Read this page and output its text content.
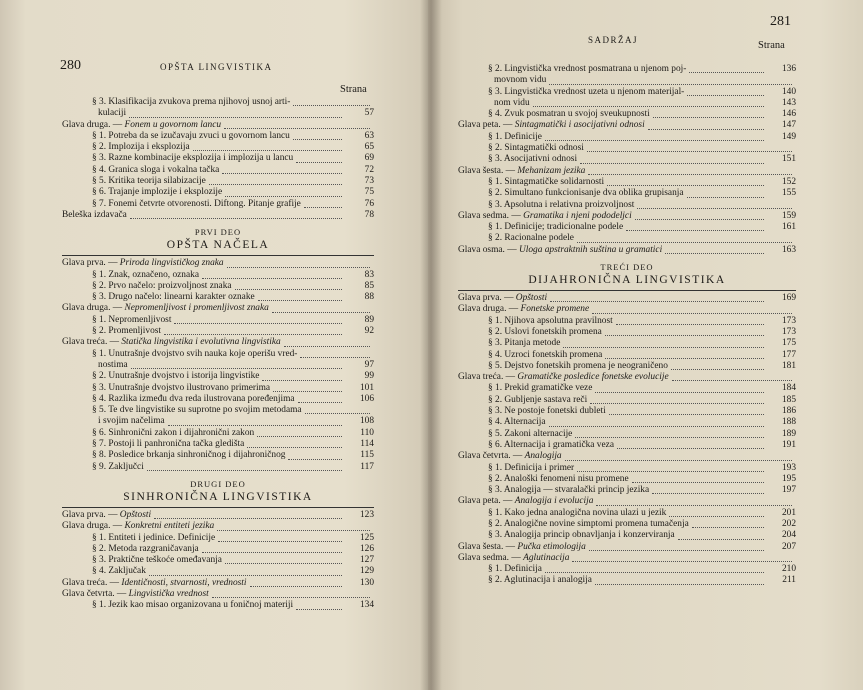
280	OPŠTA LINGVISTIKA
Strana
§ 3. Klasifikacija zvukova prema njihovoj usnoj arti-
kulaciji	57
Glava druga. — Fonem u govornom lancu
§ 1. Potreba da se izučavaju zvuci u govornom lancu	63
§ 2. Implozija i eksplozija	65
§ 3. Razne kombinacije eksplozija i implozija u lancu	69
§ 4. Granica sloga i vokalna tačka	72
§ 5. Kritika teorija silabizacije	73
§ 6. Trajanje implozije i eksplozije	75
§ 7. Fonemi četvrte otvorenosti. Diftong. Pitanje grafije	76
Beleška izdavača	78
PRVI DEO
OPŠTA NAČELA
Glava prva. — Priroda lingvističkog znaka
§ 1. Znak, označeno, oznaka	83
§ 2. Prvo načelo: proizvoljnost znaka	85
§ 3. Drugo načelo: linearni karakter oznake	88
Glava druga. — Nepromenljivost i promenljivost znaka
§ 1. Nepromenljivost	89
§ 2. Promenljivost	92
Glava treća. — Statička lingvistika i evolutivna lingvistika
§ 1. Unutrašnje dvojstvo svih nauka koje operišu vred-
nostima	97
§ 2. Unutrašnje dvojstvo i istorija lingvistike	99
§ 3. Unutrašnje dvojstvo ilustrovano primerima	101
§ 4. Razlika između dva reda ilustrovana poređenjima	106
§ 5. Te dve lingvistike su suprotne po svojim metodama
i svojim načelima	108
§ 6. Sinhronični zakon i dijahronični zakon	110
§ 7. Postoji li panhronična tačka gledišta	114
§ 8. Posledice brkanja sinhroničnog i dijahroničnog	115
§ 9. Zaključci	117
DRUGI DEO
SINHRONIČNA LINGVISTIKA
Glava prva. — Opštosti	123
Glava druga. — Konkretni entiteti jezika
§ 1. Entiteti i jedinice. Definicije	125
§ 2. Metoda razgraničavanja	126
§ 3. Praktične teškoće omeđavanja	127
§ 4. Zaključak	129
Glava treća. — Identičnosti, stvarnosti, vrednosti	130
Glava četvrta. — Lingvistička vrednost
§ 1. Jezik kao misao organizovana u foničnoj materiji	134
281
SADRŽAJ	Strana
§ 2. Lingvistička vrednost posmatrana u njenom poj-	136
movnom vidu
§ 3. Lingvistička vrednost uzeta u njenom materijal-	140
nom vidu	143
§ 4. Zvuk posmatran u svojoj sveukupnosti	146
Glava peta. — Sintagmatički i asocijativni odnosi	147
§ 1. Definicije	149
§ 2. Sintagmatički odnosi
§ 3. Asocijativni odnosi	151
Glava šesta. — Mehanizam jezika
§ 1. Sintagmatičke solidarnosti	152
§ 2. Simultano funkcionisanje dva oblika grupisanja	155
§ 3. Apsolutna i relativna proizvoljnost
Glava sedma. — Gramatika i njeni pododeljci	159
§ 1. Definicije; tradicionalne podele	161
§ 2. Racionalne podele
Glava osma. — Uloga apstraktnih suština u gramatici	163
TREĆI DEO
DIJAHRONIČNA LINGVISTIKA
Glava prva. — Opštosti	169
Glava druga. — Fonetske promene
§ 1. Njihova apsolutna pravilnost	173
§ 2. Uslovi fonetskih promena	173
§ 3. Pitanja metode	175
§ 4. Uzroci fonetskih promena	177
§ 5. Dejstvo fonetskih promena je neograničeno	181
Glava treća. — Gramatičke posledice fonetske evolucije
§ 1. Prekid gramatičke veze	184
§ 2. Gubljenje sastava reči	185
§ 3. Ne postoje fonetski dubleti	186
§ 4. Alternacija	188
§ 5. Zakoni alternacije	189
§ 6. Alternacija i gramatička veza	191
Glava četvrta. — Analogija
§ 1. Definicija i primer	193
§ 2. Analoški fenomeni nisu promene	195
§ 3. Analogija — stvaralački princip jezika	197
Glava peta. — Analogija i evolucija
§ 1. Kako jedna analogična novina ulazi u jezik	201
§ 2. Analogične novine simptomi promena tumačenja	202
§ 3. Analogija princip obnavljanja i konzerviranja	204
Glava šesta. — Pučka etimologija	207
Glava sedma. — Aglutinacija
§ 1. Definicija	210
§ 2. Aglutinacija i analogija	211
